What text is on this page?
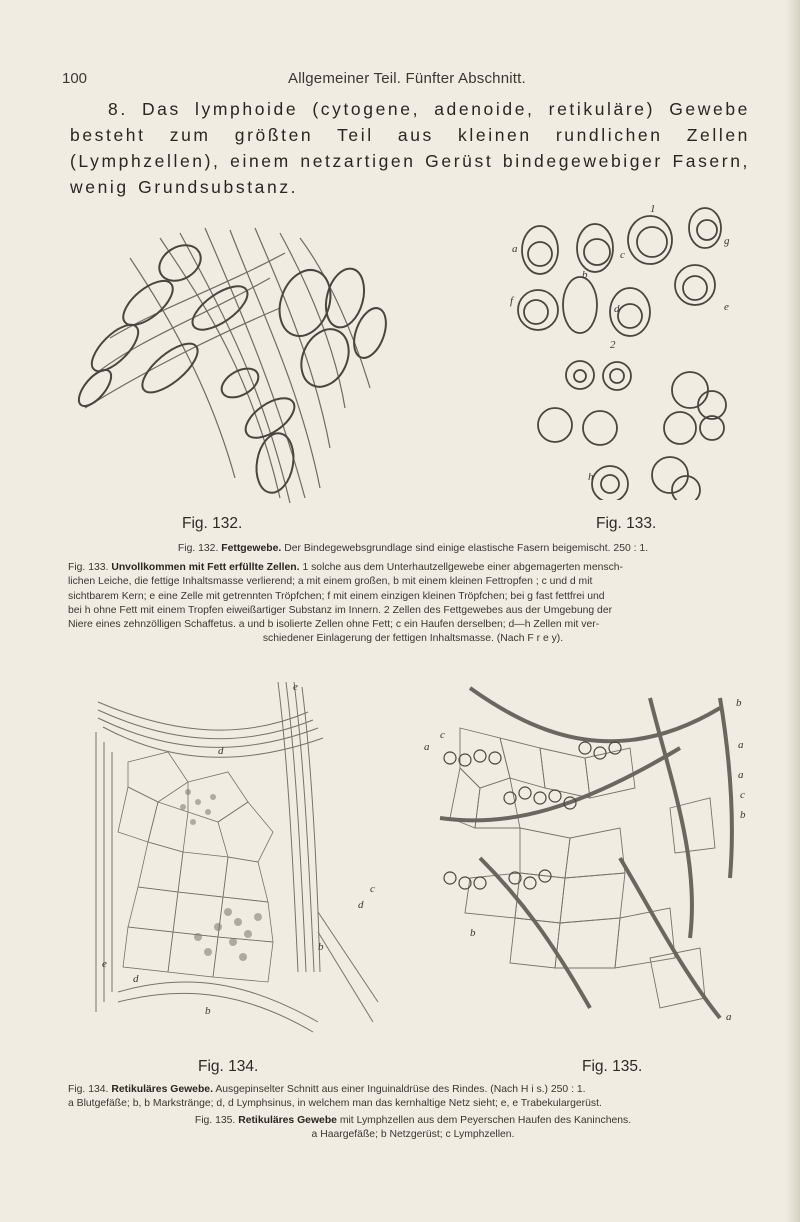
100	Allgemeiner Teil. Fünfter Abschnitt.

8. Das lymphoide (cytogene, adenoide, retikuläre) Gewebe besteht zum größten Teil aus kleinen rundlichen Zellen (Lymphzellen), einem netzartigen Gerüst bindegewebiger Fasern, wenig Grundsubstanz.

2
1
a
b
c
d	e
f
g
h
Fig. 132.	Fig. 133.
Fig. 132. Fettgewebe. Der Bindegewebsgrundlage sind einige elastische Fasern beigemischt. 250 : 1.
Fig. 133. Unvollkommen mit Fett erfüllte Zellen. 1 solche aus dem Unterhautzellgewebe einer abgemagerten mensch-
lichen Leiche, die fettige Inhaltsmasse verlierend; a mit einem großen, b mit einem kleinen Fettropfen ; c und d mit
sichtbarem Kern; e eine Zelle mit getrennten Tröpfchen; f mit einem einzigen kleinen Tröpfchen; bei g fast fettfrei und
bei h ohne Fett mit einem Tropfen eiweißartiger Substanz im Innern. 2 Zellen des Fettgewebes aus der Umgebung der
Niere eines zehnzölligen Schaffetus. a und b isolierte Zellen ohne Fett; c ein Haufen derselben; d—h Zellen mit ver-
schiedener Einlagerung der fettigen Inhaltsmasse. (Nach F r e y).
e
d
c
d
b
e
d
b
c
b
a	a
a
c
b
b
a
Fig. 134.	Fig. 135.
Fig. 134. Retikuläres Gewebe. Ausgepinselter Schnitt aus einer Inguinaldrüse des Rindes. (Nach H i s.) 250 : 1.
a Blutgefäße; b, b Markstränge; d, d Lymphsinus, in welchem man das kernhaltige Netz sieht; e, e Trabekulargerüst.
Fig. 135. Retikuläres Gewebe mit Lymphzellen aus dem Peyerschen Haufen des Kaninchens.
a Haargefäße; b Netzgerüst; c Lymphzellen.
